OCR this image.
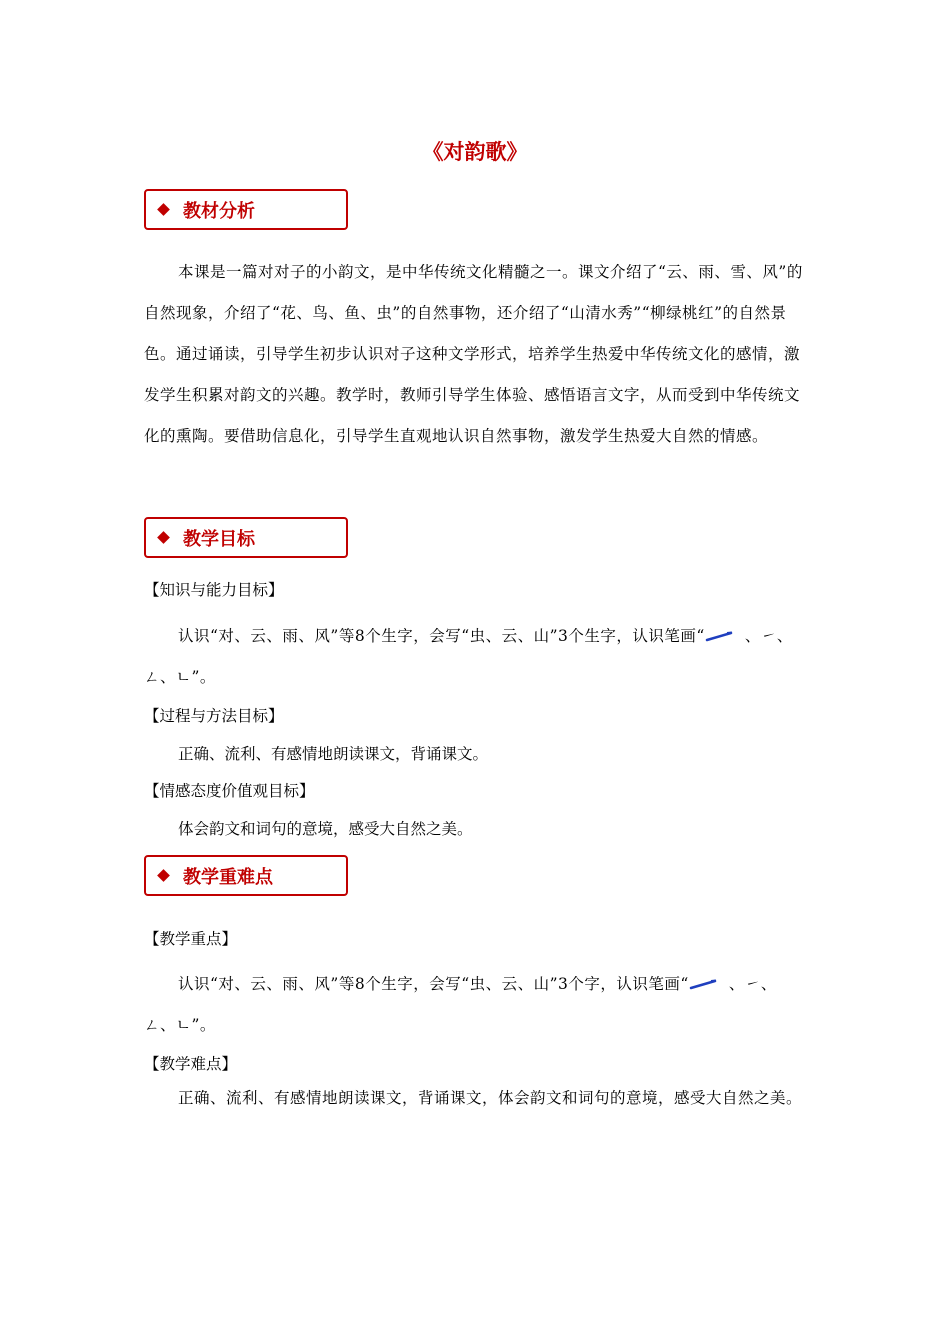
《对韵歌》
教材分析
本课是一篇对对子的小韵文，是中华传统文化精髓之一。课文介绍了“云、雨、雪、风”的自然现象，介绍了“花、鸟、鱼、虫”的自然事物，还介绍了“山清水秀”“柳绿桃红”的自然景色。通过诵读，引导学生初步认识对子这种文学形式，培养学生热爱中华传统文化的感情，激发学生积累对韵文的兴趣。教学时，教师引导学生体验、感悟语言文字，从而受到中华传统文化的熏陶。要借助信息化，引导学生直观地认识自然事物，激发学生热爱大自然的情感。
教学目标
【知识与能力目标】
认识“对、云、雨、风”等8个生字，会写“虫、云、山”3个生字，认识笔画“	、㇀、ㄥ、ㄴ”。
【过程与方法目标】
正确、流利、有感情地朗读课文，背诵课文。
【情感态度价值观目标】
体会韵文和词句的意境，感受大自然之美。
教学重难点
【教学重点】
认识“对、云、雨、风”等8个生字，会写“虫、云、山”3个字，认识笔画“	、㇀、ㄥ、ㄴ”。
【教学难点】
正确、流利、有感情地朗读课文，背诵课文，体会韵文和词句的意境，感受大自然之美。
